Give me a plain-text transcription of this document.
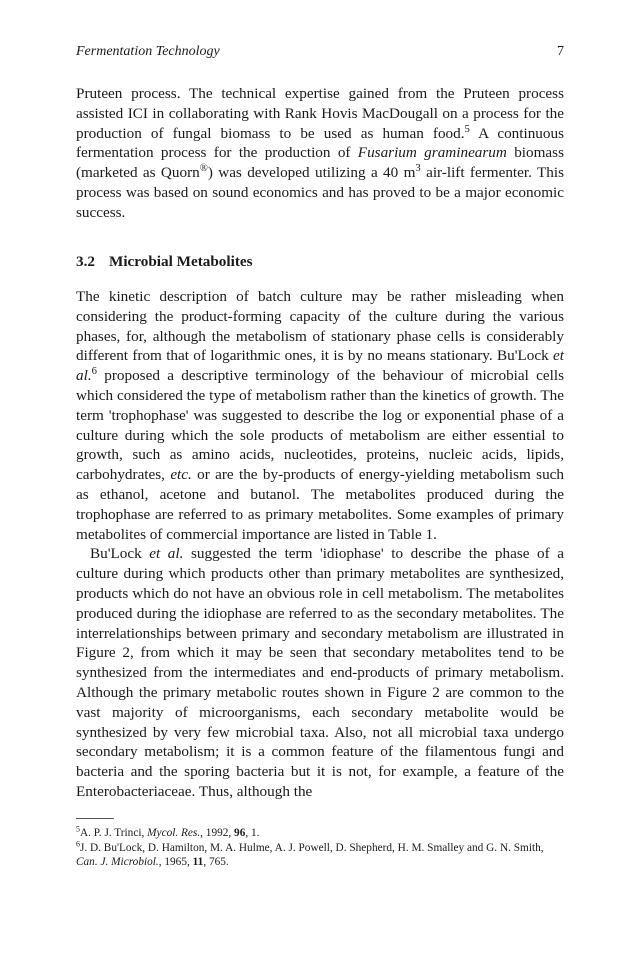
Fermentation Technology	7

Pruteen process. The technical expertise gained from the Pruteen process assisted ICI in collaborating with Rank Hovis MacDougall on a process for the production of fungal biomass to be used as human food.$^5$ A continuous fermentation process for the production of Fusarium graminearum biomass (marketed as Quorn®) was developed utilizing a 40 $m^3$ air-lift fermenter. This process was based on sound economics and has proved to be a major economic success.

3.2 Microbial Metabolites

The kinetic description of batch culture may be rather misleading when considering the product-forming capacity of the culture during the various phases, for, although the metabolism of stationary phase cells is considerably different from that of logarithmic ones, it is by no means stationary. Bu'Lock et al.$^6$ proposed a descriptive terminology of the behaviour of microbial cells which considered the type of metabolism rather than the kinetics of growth. The term 'trophophase' was suggested to describe the log or exponential phase of a culture during which the sole products of metabolism are either essential to growth, such as amino acids, nucleotides, proteins, nucleic acids, lipids, carbohydrates, etc. or are the by-products of energy-yielding metabolism such as ethanol, acetone and butanol. The metabolites produced during the trophophase are referred to as primary metabolites. Some examples of primary metabolites of commercial importance are listed in Table 1.

Bu'Lock et al. suggested the term 'idiophase' to describe the phase of a culture during which products other than primary metabolites are synthesized, products which do not have an obvious role in cell metabolism. The metabolites produced during the idiophase are referred to as the secondary metabolites. The interrelationships between primary and secondary metabolism are illustrated in Figure 2, from which it may be seen that secondary metabolites tend to be synthesized from the intermediates and end-products of primary metabolism. Although the primary metabolic routes shown in Figure 2 are common to the vast majority of microorganisms, each secondary metabolite would be synthesized by very few microbial taxa. Also, not all microbial taxa undergo secondary metabolism; it is a common feature of the filamentous fungi and bacteria and the sporing bacteria but it is not, for example, a feature of the Enterobacteriaceae. Thus, although the

$^5$A. P. J. Trinci, Mycol. Res., 1992, 96, 1.

$^6$J. D. Bu'Lock, D. Hamilton, M. A. Hulme, A. J. Powell, D. Shepherd, H. M. Smalley and G. N. Smith, Can. J. Microbiol., 1965, 11, 765.
